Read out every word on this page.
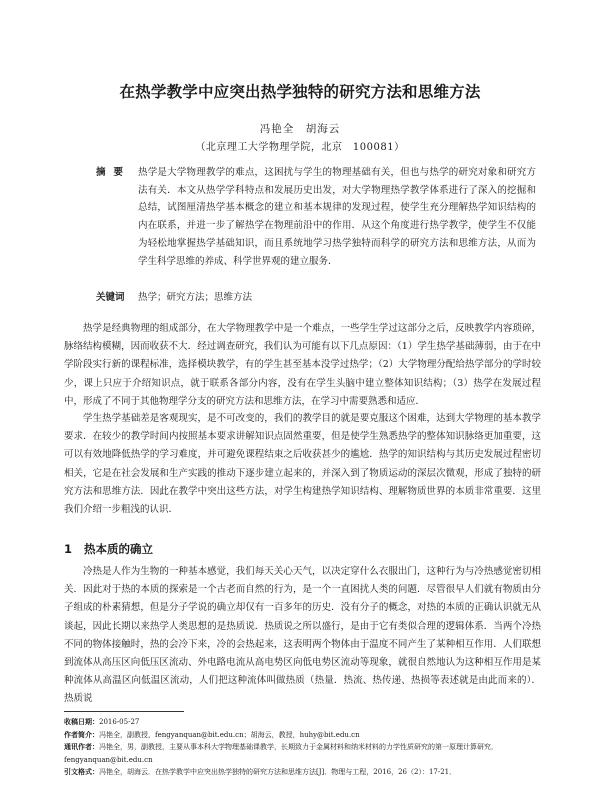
在热学教学中应突出热学独特的研究方法和思维方法
冯艳全　胡海云
（北京理工大学物理学院，北京　100081）
摘要 热学是大学物理教学的难点，这困扰与学生的物理基础有关，但也与热学的研究对象和研究方法有关．本文从热学学科特点和发展历史出发，对大学物理热学教学体系进行了深入的挖掘和总结，试图厘清热学基本概念的建立和基本规律的发现过程，使学生充分理解热学知识结构的内在联系，并进一步了解热学在物理前沿中的作用．从这个角度进行热学教学，使学生不仅能为轻松地掌握热学基础知识，而且系统地学习热学独特而科学的研究方法和思维方法，从而为学生科学思维的养成、科学世界观的建立服务．
关键词 热学；研究方法；思维方法
热学是经典物理的组成部分，在大学物理教学中是一个难点，一些学生学过这部分之后，反映教学内容琐碎，脉络结构模糊，因而收获不大．经过调查研究，我们认为可能有以下几点原因：（1）学生热学基础薄弱，由于在中学阶段实行新的课程标准，选择模块教学，有的学生甚至基本没学过热学；（2）大学物理分配给热学部分的学时较少，课上只应于介绍知识点，就于联系各部分内容，没有在学生头脑中建立整体知识结构；（3）热学在发展过程中，形成了不同于其他物理学分支的研究方法和思维方法，在学习中需要熟悉和适应．
学生热学基础差是客观现实，是不可改变的，我们的教学目的就是要克服这个困难，达到大学物理的基本教学要求．在较少的教学时间内按照基本要求讲解知识点固然重要，但是使学生熟悉热学的整体知识脉络更加重要，这可以有效地降低热学的学习难度，并可避免课程结束之后收获甚少的尴尬．热学的知识结构与其历史发展过程密切相关，它是在社会发展和生产实践的推动下逐步建立起来的，并深入到了物质运动的深层次微观，形成了独特的研究方法和思维方法．因此在教学中突出这些方法，对学生构建热学知识结构、理解物质世界的本质非常重要．这里我们介绍一步粗浅的认识．
1 热本质的确立
冷热是人作为生物的一种基本感觉，我们每天关心天气，以决定穿什么衣服出门，这种行为与冷热感觉密切相关．因此对于热的本质的探索是一个古老而自然的行为，是一个一直困扰人类的问题．尽管很早人们就有物质由分子组成的朴素猜想，但是分子学说的确立却仅有一百多年的历史．没有分子的概念，对热的本质的正确认识就无从谈起，因此长期以来热学人类思想的是热质说．热质说之所以盛行，是由于它有类似合理的逻辑体系．当两个冷热不同的物体接触时，热的会冷下来，冷的会热起来，这表明两个物体由于温度不同产生了某种相互作用．人们联想到流体从高压区向低压区流动、外电路电流从高电势区向低电势区流动等现象，就很自然地认为这种相互作用是某种流体从高温区向低温区流动，人们把这种流体叫做热质（热量．热流、热传递、热损等表述就是由此而来的）．热质说
收稿日期：2016-05-27
作者简介：冯艳全，副教授，fengyanquan@bit.edu.cn；胡海云，教授，huhy@bit.edu.cn
通讯作者：冯艳全，男，副教授，主要从事本科大学物理基础课教学，长期致力于金属材料和纳米材料的力学性质研究的第一原理计算研究．fengyanquan@bit.edu.cn
引文格式：冯艳全，胡海云．在热学教学中应突出热学独特的研究方法和思维方法[J]．物理与工程，2016，26（2）：17-21．
